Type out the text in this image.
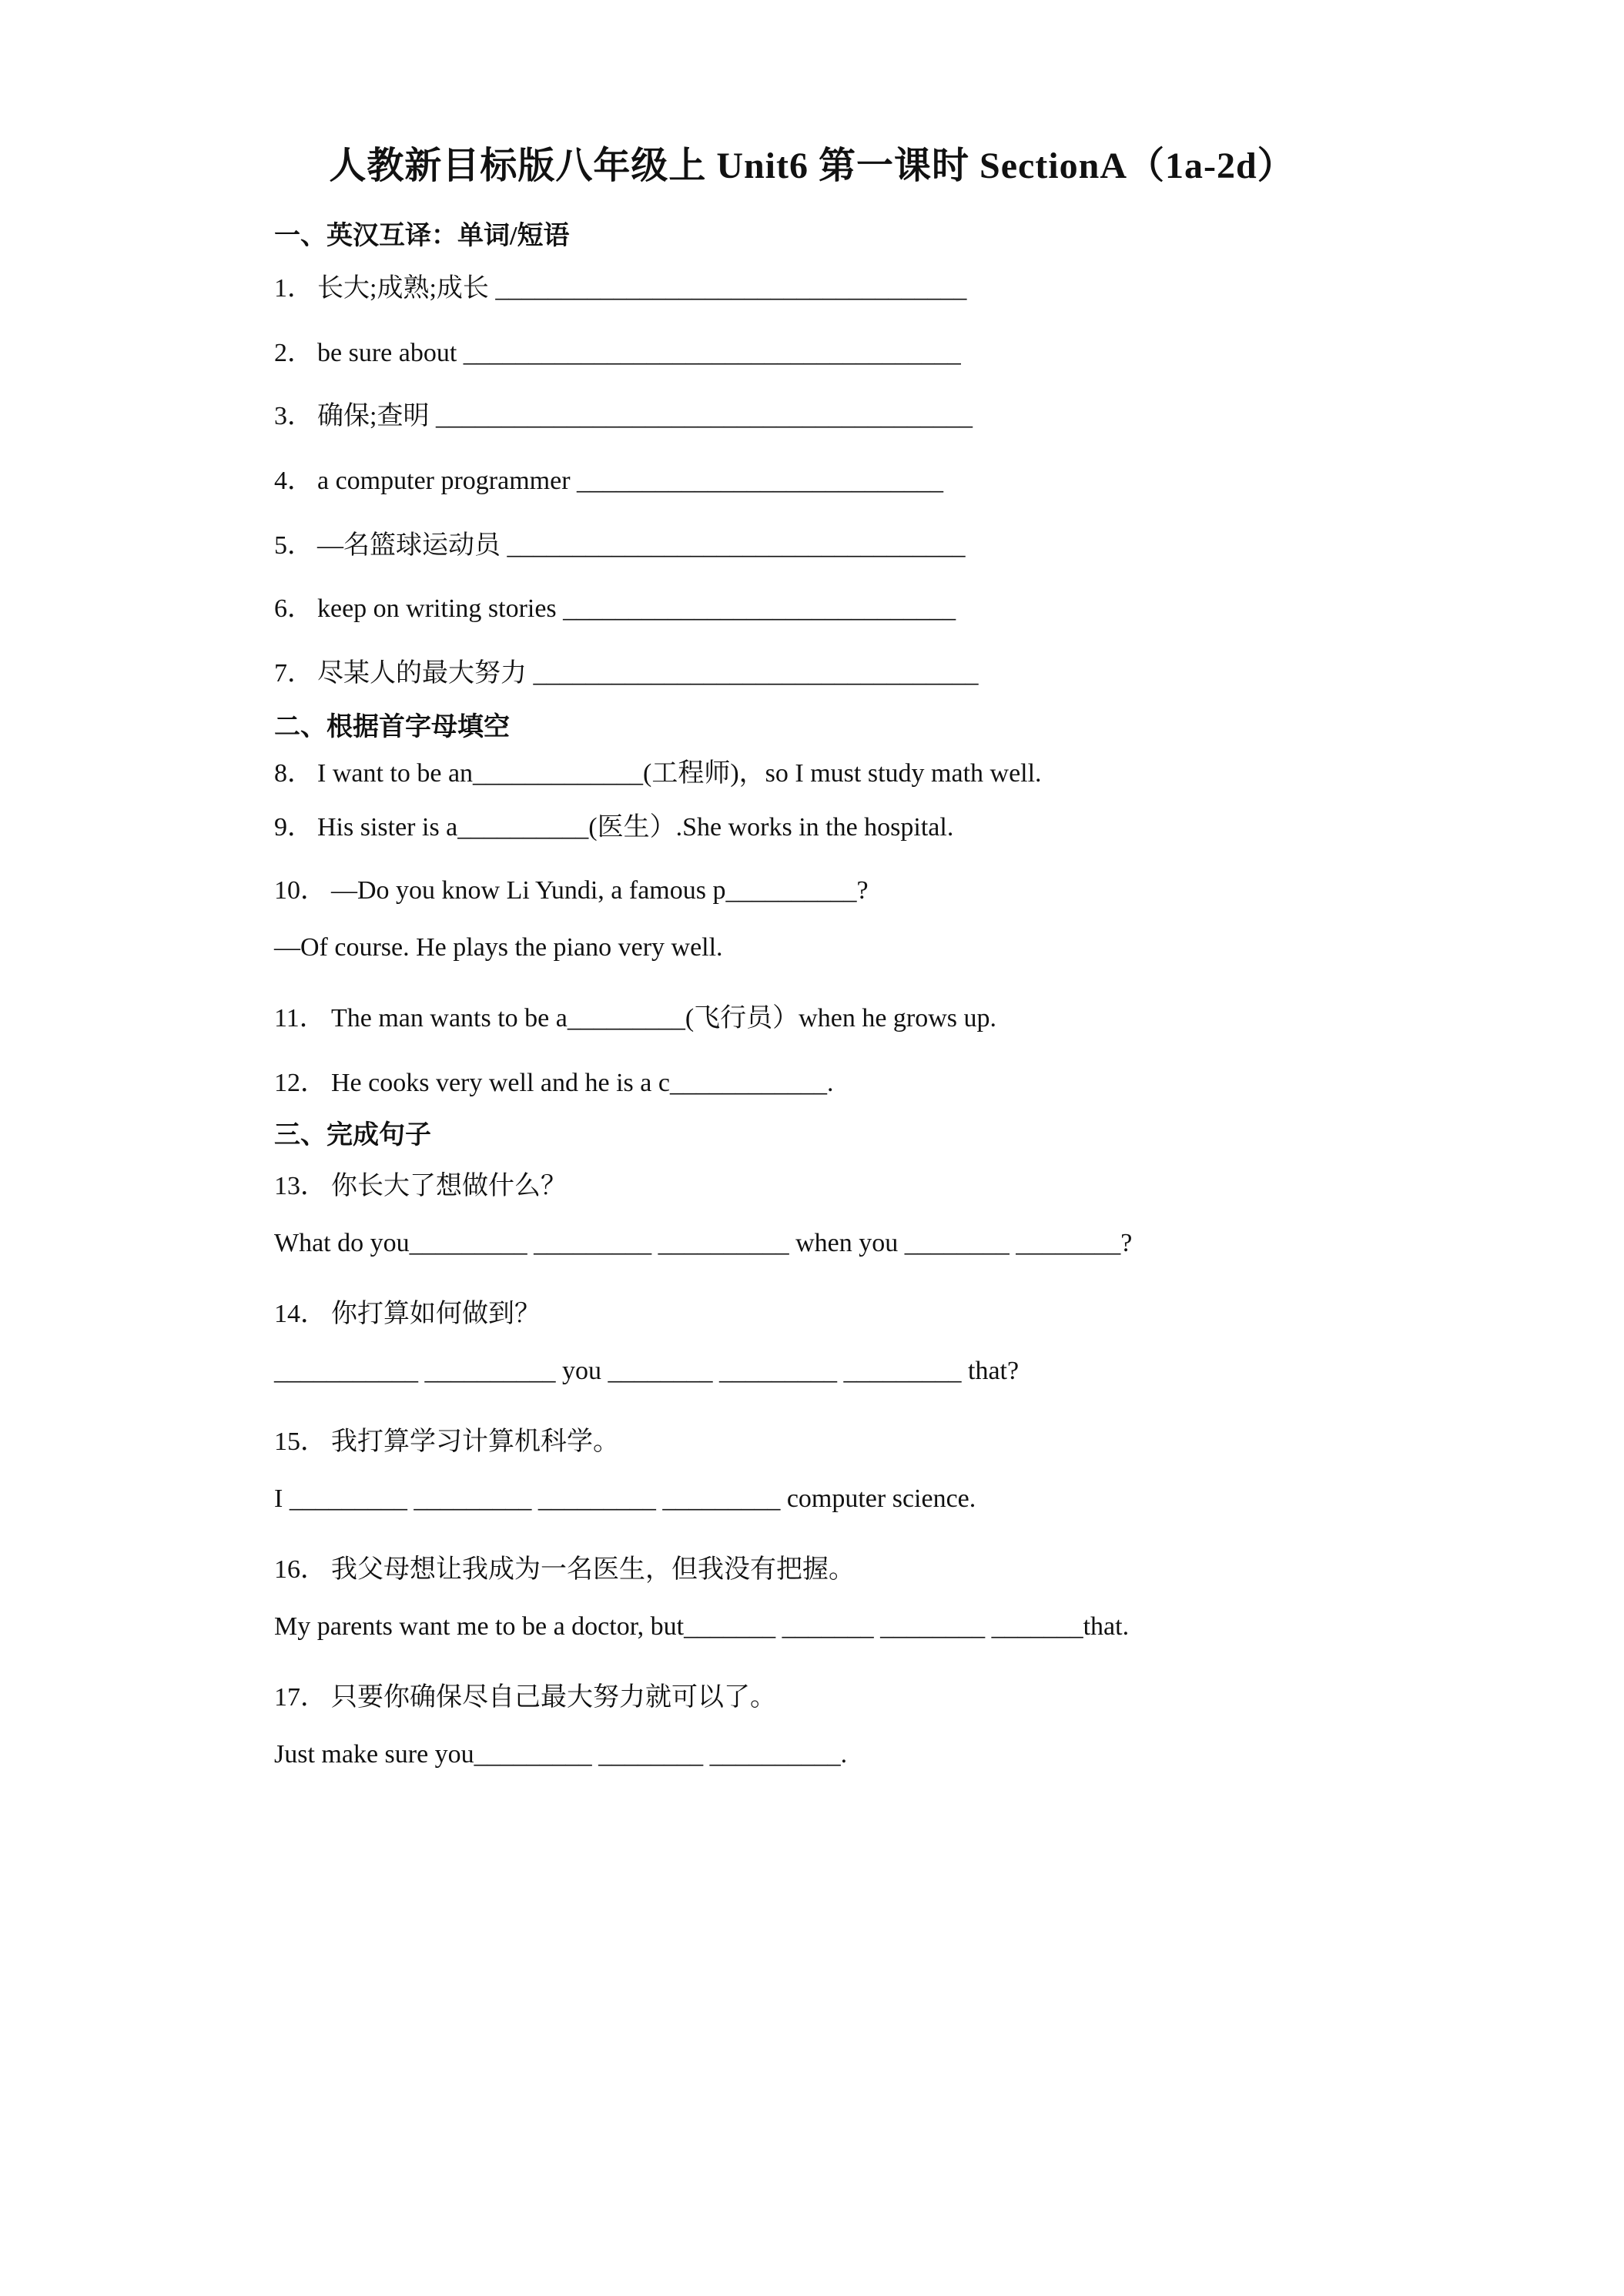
人教新目标版八年级上 Unit6 第一课时 SectionA（1a-2d）
一、英汉互译：单词/短语
1． 长大;成熟;成长 ____________________________________
2． be sure about ______________________________________
3． 确保;查明 _________________________________________
4． a computer programmer ____________________________
5． —名篮球运动员 ___________________________________
6． keep on writing stories ______________________________
7． 尽某人的最大努力 __________________________________
二、根据首字母填空
8． I want to be an_____________(工程师)，so I must study math well.
9． His sister is a__________(医生）.She works in the hospital.
10． —Do you know Li Yundi, a famous p__________?
—Of course. He plays the piano very well.
11． The man wants to be a_________(飞行员）when he grows up.
12． He cooks very well and he is a c____________.
三、完成句子
13． 你长大了想做什么？
What do you_________ _________ __________ when you ________ ________?
14． 你打算如何做到？
___________ __________ you ________ _________ _________ that?
15． 我打算学习计算机科学。
I _________ _________ _________ _________ computer science.
16． 我父母想让我成为一名医生，但我没有把握。
My parents want me to be a doctor, but_______ _______ ________ _______that.
17． 只要你确保尽自己最大努力就可以了。
Just make sure you_________ ________ __________.
